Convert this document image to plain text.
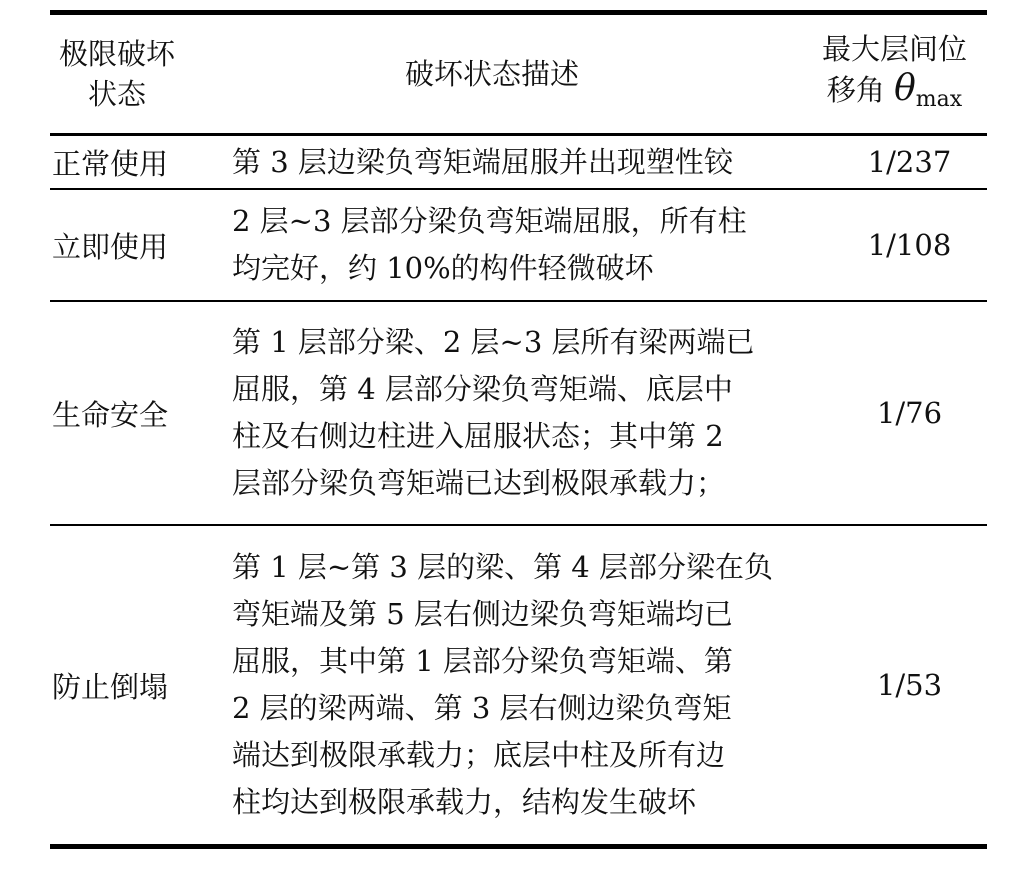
极限破坏
状态
破坏状态描述
最大层间位
移角 $\theta_{max}$
正常使用	第 3 层边梁负弯矩端屈服并出现塑性铰	1/237
立即使用
2 层~3 层部分梁负弯矩端屈服，所有柱
均完好，约 10%的构件轻微破坏
1/108
生命安全
第 1 层部分梁、2 层~3 层所有梁两端已
屈服，第 4 层部分梁负弯矩端、底层中
柱及右侧边柱进入屈服状态；其中第 2
层部分梁负弯矩端已达到极限承载力；
1/76
防止倒塌
第 1 层~第 3 层的梁、第 4 层部分梁在负
弯矩端及第 5 层右侧边梁负弯矩端均已
屈服，其中第 1 层部分梁负弯矩端、第
2 层的梁两端、第 3 层右侧边梁负弯矩
端达到极限承载力；底层中柱及所有边
柱均达到极限承载力，结构发生破坏
1/53
